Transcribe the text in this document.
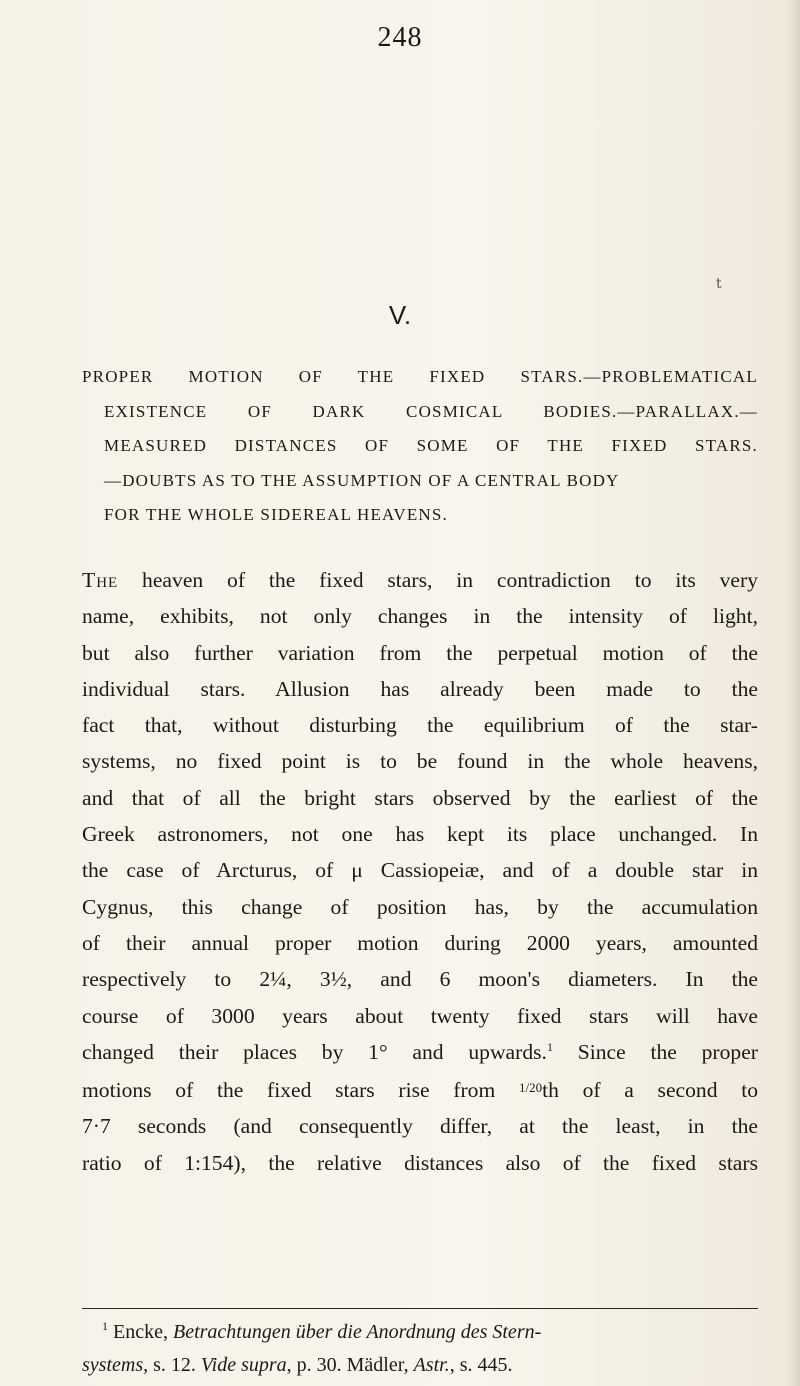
248
t
V.
PROPER MOTION OF THE FIXED STARS.—PROBLEMATICAL
EXISTENCE OF DARK COSMICAL BODIES.—PARALLAX.—
MEASURED DISTANCES OF SOME OF THE FIXED STARS.
—DOUBTS AS TO THE ASSUMPTION OF A CENTRAL BODY
FOR THE WHOLE SIDEREAL HEAVENS.
The heaven of the fixed stars, in contradiction to its very
name, exhibits, not only changes in the intensity of light,
but also further variation from the perpetual motion of the
individual stars. Allusion has already been made to the
fact that, without disturbing the equilibrium of the star-
systems, no fixed point is to be found in the whole heavens,
and that of all the bright stars observed by the earliest of the
Greek astronomers, not one has kept its place unchanged. In
the case of Arcturus, of μ Cassiopeiæ, and of a double star in
Cygnus, this change of position has, by the accumulation
of their annual proper motion during 2000 years, amounted
respectively to 2¼, 3½, and 6 moon's diameters. In the
course of 3000 years about twenty fixed stars will have
changed their places by 1° and upwards.$^1$ Since the proper
motions of the fixed stars rise from $^{1/20}$th of a second to
7·7 seconds (and consequently differ, at the least, in the
ratio of 1:154), the relative distances also of the fixed stars
$^1$ Encke, Betrachtungen über die Anordnung des Stern-
systems, s. 12. Vide supra, p. 30. Mädler, Astr., s. 445.
